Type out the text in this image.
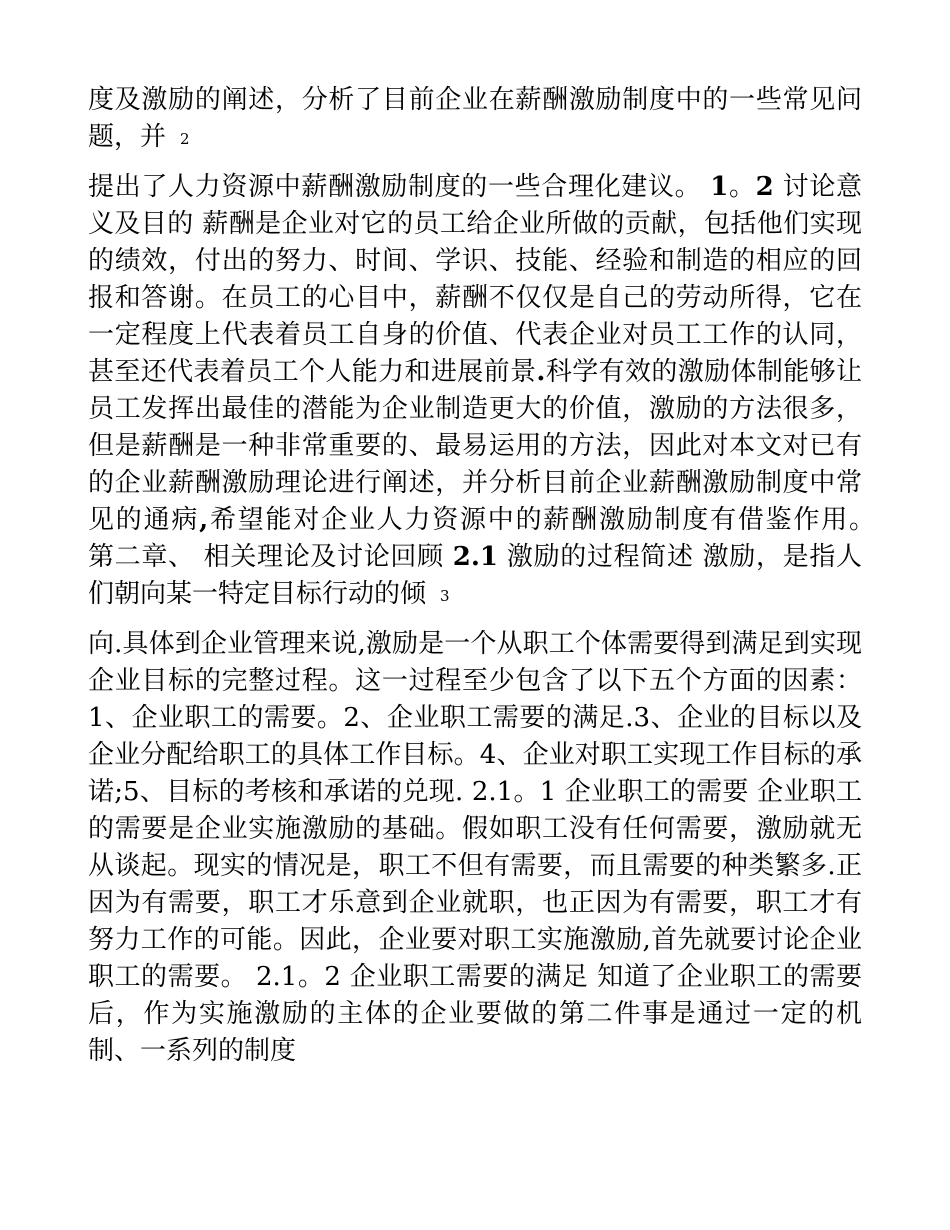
度及激励的阐述，分析了目前企业在薪酬激励制度中的一些常见问题，并 2

提出了人力资源中薪酬激励制度的一些合理化建议。 1。2 讨论意义及目的 薪酬是企业对它的员工给企业所做的贡献，包括他们实现的绩效，付出的努力、时间、学识、技能、经验和制造的相应的回报和答谢。在员工的心目中，薪酬不仅仅是自己的劳动所得，它在一定程度上代表着员工自身的价值、代表企业对员工工作的认同，甚至还代表着员工个人能力和进展前景.科学有效的激励体制能够让员工发挥出最佳的潜能为企业制造更大的价值，激励的方法很多，但是薪酬是一种非常重要的、最易运用的方法，因此对本文对已有的企业薪酬激励理论进行阐述，并分析目前企业薪酬激励制度中常见的通病,希望能对企业人力资源中的薪酬激励制度有借鉴作用。　第二章、 相关理论及讨论回顾 2.1 激励的过程简述 激励，是指人们朝向某一特定目标行动的倾 3

向.具体到企业管理来说,激励是一个从职工个体需要得到满足到实现企业目标的完整过程。这一过程至少包含了以下五个方面的因素：1、企业职工的需要。2、企业职工需要的满足.3、企业的目标以及企业分配给职工的具体工作目标。4、企业对职工实现工作目标的承诺;5、目标的考核和承诺的兑现. 2.1。1 企业职工的需要 企业职工的需要是企业实施激励的基础。假如职工没有任何需要，激励就无从谈起。现实的情况是，职工不但有需要，而且需要的种类繁多.正因为有需要，职工才乐意到企业就职，也正因为有需要，职工才有努力工作的可能。因此，企业要对职工实施激励,首先就要讨论企业职工的需要。 2.1。2 企业职工需要的满足 知道了企业职工的需要后，作为实施激励的主体的企业要做的第二件事是通过一定的机制、一系列的制度
